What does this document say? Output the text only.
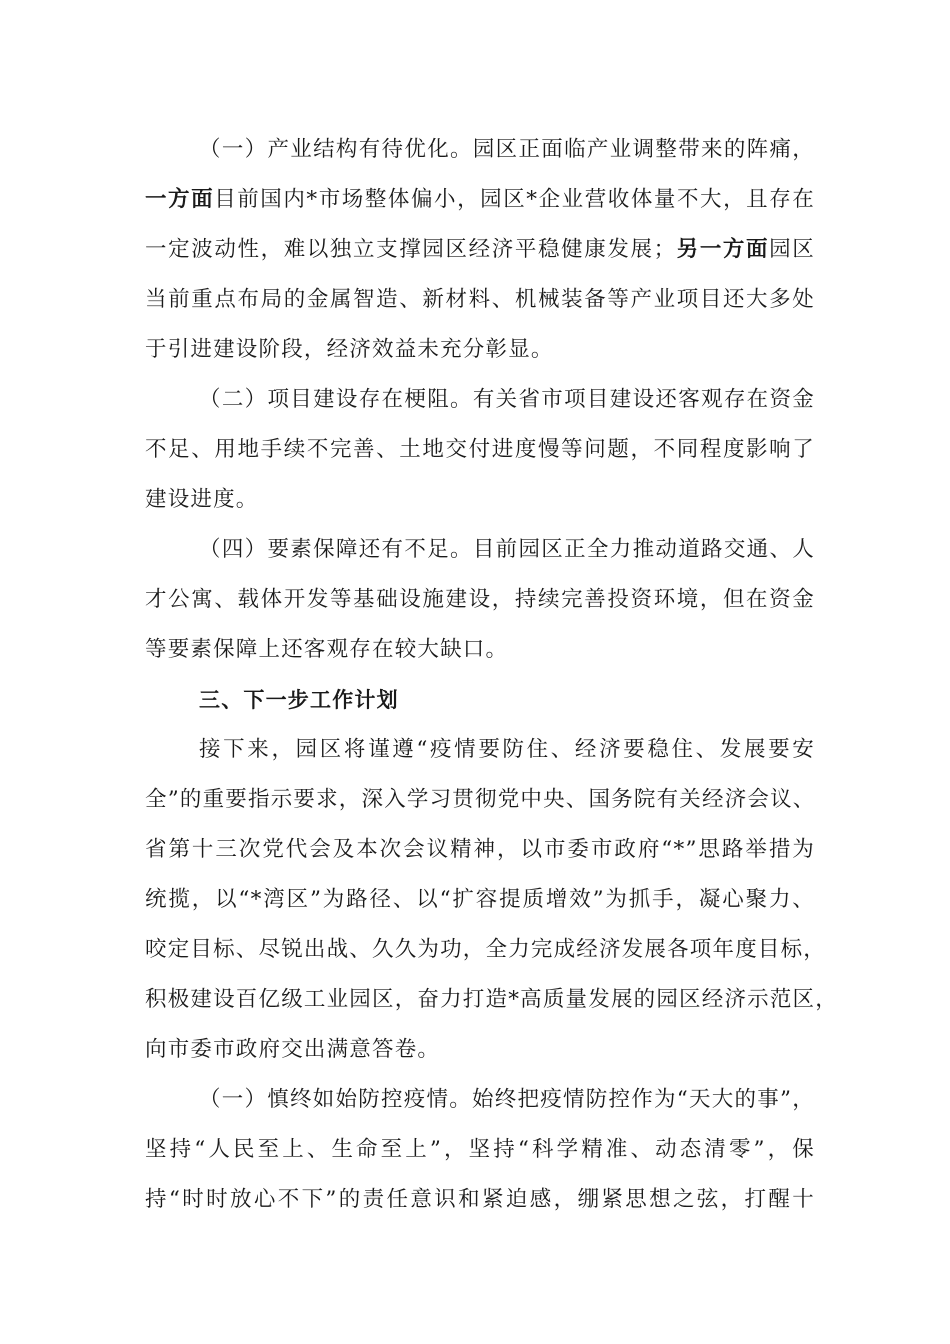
（一）产业结构有待优化。园区正面临产业调整带来的阵痛，
一方面目前国内*市场整体偏小，园区*企业营收体量不大，且存在
一定波动性，难以独立支撑园区经济平稳健康发展；另一方面园区
当前重点布局的金属智造、新材料、机械装备等产业项目还大多处
于引进建设阶段，经济效益未充分彰显。
（二）项目建设存在梗阻。有关省市项目建设还客观存在资金
不足、用地手续不完善、土地交付进度慢等问题，不同程度影响了
建设进度。
（四）要素保障还有不足。目前园区正全力推动道路交通、人
才公寓、载体开发等基础设施建设，持续完善投资环境，但在资金
等要素保障上还客观存在较大缺口。
三、下一步工作计划
接下来，园区将谨遵“疫情要防住、经济要稳住、发展要安
全”的重要指示要求，深入学习贯彻党中央、国务院有关经济会议、
省第十三次党代会及本次会议精神，以市委市政府“*”思路举措为
统揽，以“*湾区”为路径、以“扩容提质增效”为抓手，凝心聚力、
咬定目标、尽锐出战、久久为功，全力完成经济发展各项年度目标，
积极建设百亿级工业园区，奋力打造*高质量发展的园区经济示范区，
向市委市政府交出满意答卷。
（一）慎终如始防控疫情。始终把疫情防控作为“天大的事”，
坚持“人民至上、生命至上”，坚持“科学精准、动态清零”，保
持“时时放心不下”的责任意识和紧迫感，绷紧思想之弦，打醒十
